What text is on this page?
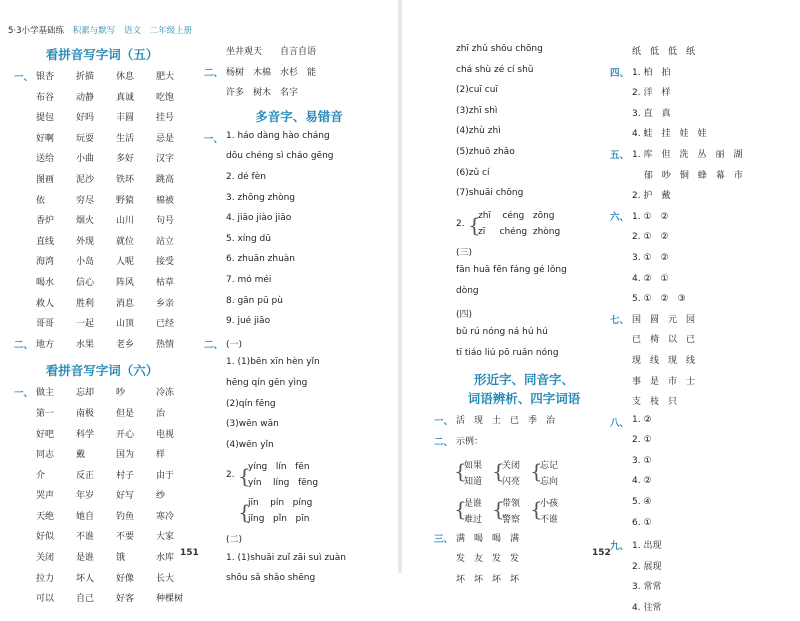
5·3小学基础练 积累与默写 语文 二年级上册
看拼音写字词（五）
一、 银杏 折描 休息 肥大
布谷 动静 真诚 吃饱
提包 好吗 丰圆 挂号
好啊 玩耍 生活 忌是
送给 小曲 多好 汉字
图画 泥沙 铁环 跳高
依	穷尽 野猿 棉被
香炉 烟火 山川 句号
直线 外现 就位 站立
海湾 小岛 人呢 接受
喝水 信心 阵风 枯草
救人 胜利 消息 乡亲
哥哥 一起 山顶 已经
二、 地方 水果 老乡 热情
看拼音写字词（六）
一、 做主 忘却 吵	冷冻
第一 南极 但是 治
好吧 科学 开心 电视
同志 戴	国为 样
介	反正 村子 由于
哭声 年岁 好写 纱
天绝 她自 钓鱼 寒冷
好似 不谁 不要 大家
关闭 是谁 饿	水库
拉力 坏人 好像 长大
可以 自己 好客 种棵树
坐井观天　　自言自语
二、 杨树　木棉　水杉　能
许多　树木　名字
多音字、易错音
一、 1. háo dàng hào cháng
dōu chéng sì cháo gēng
2. dé fèn
3. zhōng zhòng
4. jiāo jiào jiāo
5. xíng dū
6. zhuān zhuàn
7. mó méi
8. gān pū pù
9. jué jiāo
二、 (一)
1. (1)bēn xīn hèn yǐn
hēng qín gēn yìng
(2)qín fēng
(3)wēn wān
(4)wēn yǐn
2. {
yíng   lín   fēn
yín    líng   fēng
{
jīn    pín   píng
jǐng   pǐn   pīn
(二)
1. (1)shuāi zuǐ zāi suì zuàn
shōu sǎ shǎo shēng
151	152
zhī zhǔ shōu chōng
chá shù zé cí shǔ
(2)cuī cuī
(3)zhī shì
(4)zhù zhì
(5)zhuō zhǎo
(6)zǔ cí
(7)shuāi chōng
2. {
zhī    céng   zōng
zī     chéng  zhòng
(三)
fān huā fēn fáng gé lǒng
dòng
(四)
bǔ rú nóng ná hú hú
tī tiáo liú pō ruǎn nóng
形近字、同音字、
词语辨析、四字词语
一、 活　现　土　已　季　治
二、 示例：
{
如果
知道 {
关闭
闪亮 {
忘记
忘向
{
是谁
难过 {
带领
警察 {
小孩
不谁
三、 满　喝　喝　满
发　友　发　发
坏　坏　坏　坏
纸　低　低　纸
四、 1. 柏　拍
2. 洋　样
3. 直　真
4. 蛙　挂　娃　娃
五、 1. 库　但　洗　丛　丽　湖
　 郁　吵　铜　蜂　幕　市
2. 护　戴
六、 1. ①　②
2. ①　②
3. ①　②
4. ②　①
5. ①　②　③
七、 国　圆　元　园
已　椅　以　已
现　线　现　线
事　是　市　士
支　枝　只
八、 1. ②
2. ①
3. ①
4. ②
5. ④
6. ①
九、 1. 出现
2. 展现
3. 常常
4. 往常
